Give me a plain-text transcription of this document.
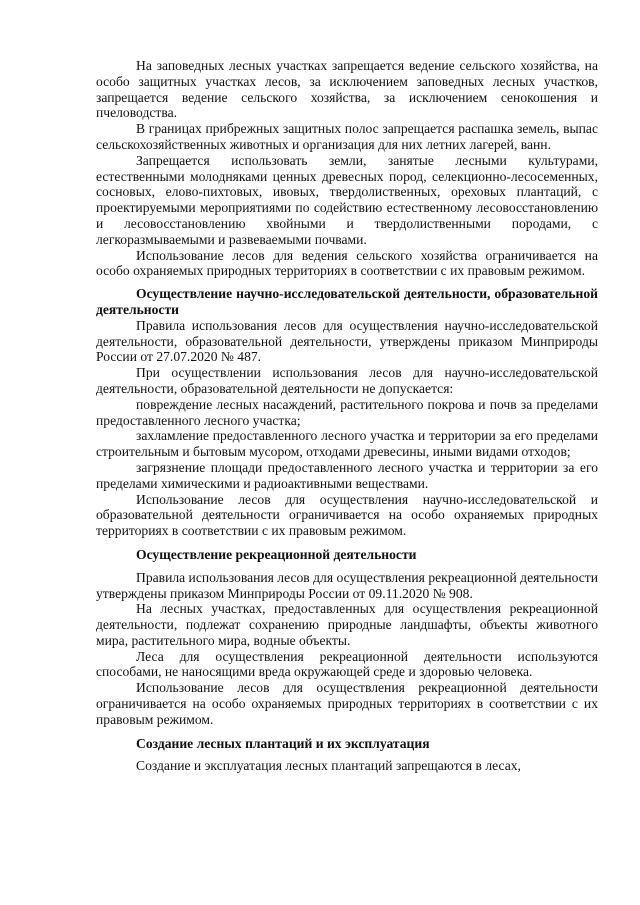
На заповедных лесных участках запрещается ведение сельского хозяйства, на особо защитных участках лесов, за исключением заповедных лесных участков, запрещается ведение сельского хозяйства, за исключением сенокошения и пчеловодства.

В границах прибрежных защитных полос запрещается распашка земель, выпас сельскохозяйственных животных и организация для них летних лагерей, ванн.

Запрещается использовать земли, занятые лесными культурами, естественными молодняками ценных древесных пород, селекционно-лесосеменных, сосновых, елово-пихтовых, ивовых, твердолиственных, ореховых плантаций, с проектируемыми мероприятиями по содействию естественному лесовосстановлению и лесовосстановлению хвойными и твердолиственными породами, с легкоразмываемыми и развеваемыми почвами.

Использование лесов для ведения сельского хозяйства ограничивается на особо охраняемых природных территориях в соответствии с их правовым режимом.

Осуществление научно-исследовательской деятельности, образовательной деятельности

Правила использования лесов для осуществления научно-исследовательской деятельности, образовательной деятельности, утверждены приказом Минприроды России от 27.07.2020 № 487.

При осуществлении использования лесов для научно-исследовательской деятельности, образовательной деятельности не допускается:

повреждение лесных насаждений, растительного покрова и почв за пределами предоставленного лесного участка;

захламление предоставленного лесного участка и территории за его пределами строительным и бытовым мусором, отходами древесины, иными видами отходов;

загрязнение площади предоставленного лесного участка и территории за его пределами химическими и радиоактивными веществами.

Использование лесов для осуществления научно-исследовательской и образовательной деятельности ограничивается на особо охраняемых природных территориях в соответствии с их правовым режимом.

Осуществление рекреационной деятельности

Правила использования лесов для осуществления рекреационной деятельности утверждены приказом Минприроды России от 09.11.2020 № 908.

На лесных участках, предоставленных для осуществления рекреационной деятельности, подлежат сохранению природные ландшафты, объекты животного мира, растительного мира, водные объекты.

Леса для осуществления рекреационной деятельности используются способами, не наносящими вреда окружающей среде и здоровью человека.

Использование лесов для осуществления рекреационной деятельности ограничивается на особо охраняемых природных территориях в соответствии с их правовым режимом.

Создание лесных плантаций и их эксплуатация

Создание и эксплуатация лесных плантаций запрещаются в лесах,
